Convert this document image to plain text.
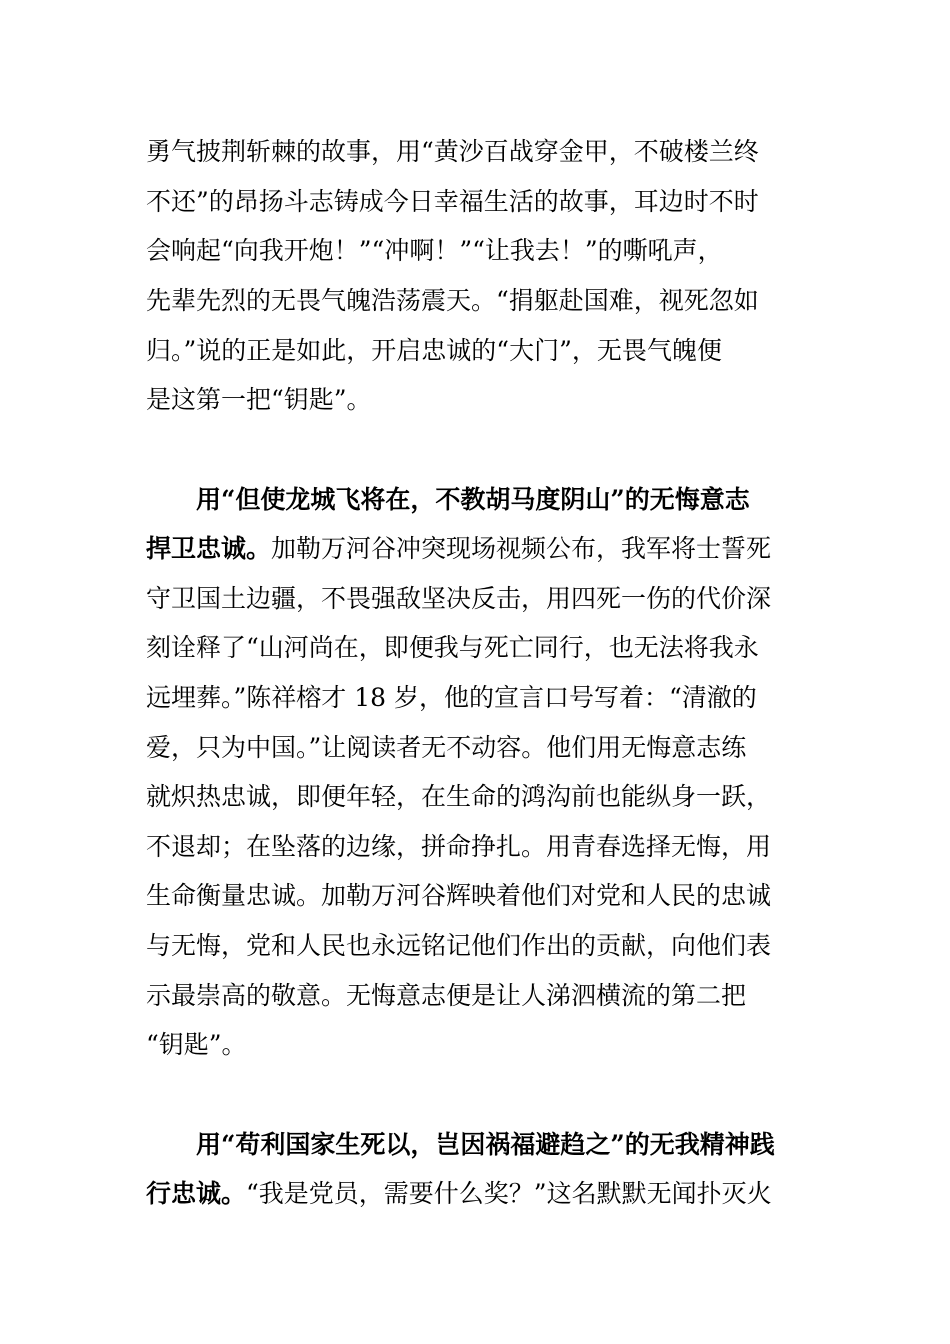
勇气披荆斩棘的故事，用“黄沙百战穿金甲，不破楼兰终
不还”的昂扬斗志铸成今日幸福生活的故事，耳边时不时
会响起“向我开炮！”“冲啊！”“让我去！”的嘶吼声，
先辈先烈的无畏气魄浩荡震天。“捐躯赴国难，视死忽如
归。”说的正是如此，开启忠诚的“大门”，无畏气魄便
是这第一把“钥匙”。
用“但使龙城飞将在，不教胡马度阴山”的无悔意志
捍卫忠诚。加勒万河谷冲突现场视频公布，我军将士誓死
守卫国土边疆，不畏强敌坚决反击，用四死一伤的代价深
刻诠释了“山河尚在，即便我与死亡同行，也无法将我永
远埋葬。”陈祥榕才 18 岁，他的宣言口号写着：“清澈的
爱，只为中国。”让阅读者无不动容。他们用无悔意志练
就炽热忠诚，即便年轻，在生命的鸿沟前也能纵身一跃，
不退却；在坠落的边缘，拼命挣扎。用青春选择无悔，用
生命衡量忠诚。加勒万河谷辉映着他们对党和人民的忠诚
与无悔，党和人民也永远铭记他们作出的贡献，向他们表
示最崇高的敬意。无悔意志便是让人涕泗横流的第二把
“钥匙”。
用“苟利国家生死以，岂因祸福避趋之”的无我精神践
行忠诚。“我是党员，需要什么奖？”这名默默无闻扑灭火
